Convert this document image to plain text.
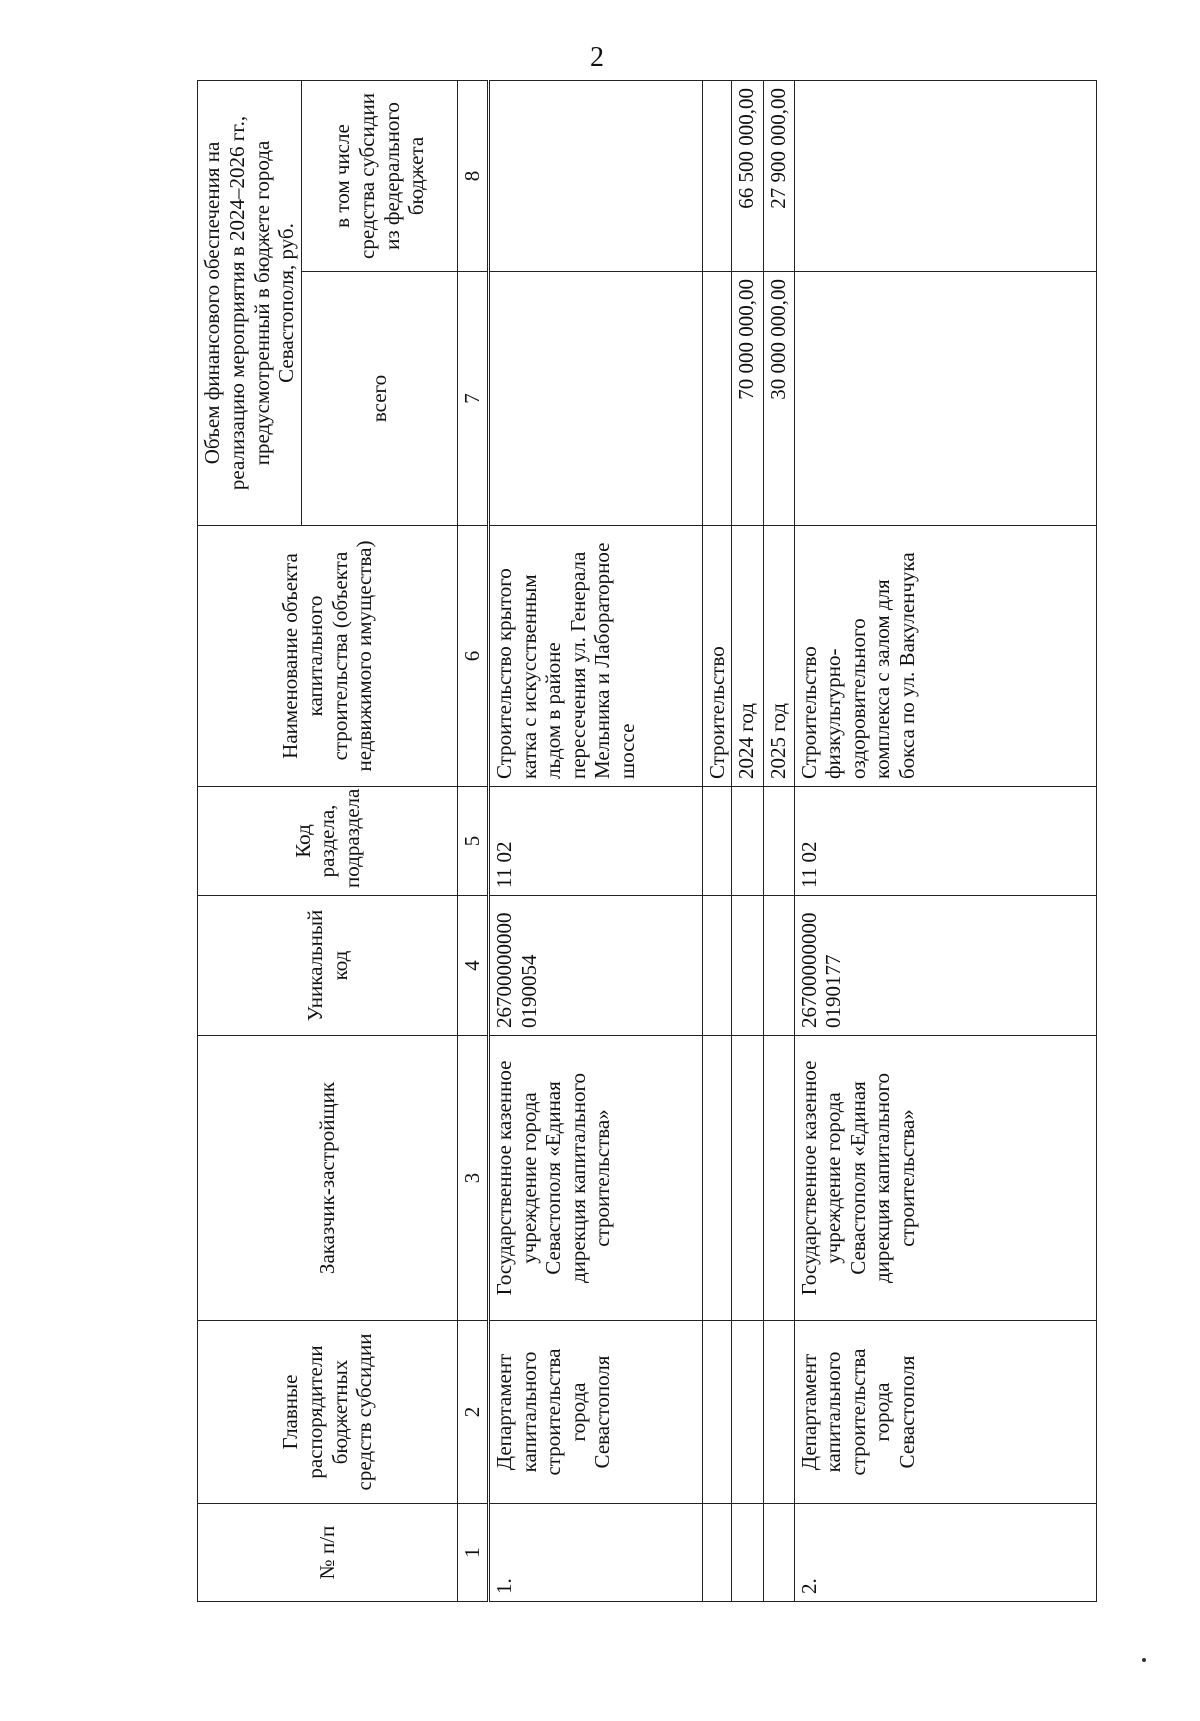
2
№ п/п	Главные распорядители бюджетных средств субсидии	Заказчик-застройщик	Уникальный код	Код раздела, подраздела	Наименование объекта капитального строительства (объекта недвижимого имущества)	Объем финансового обеспечения на реализацию мероприятия в 2024–2026 гг., предусмотренный в бюджете города Севастополя, руб.	
						всего	в том числе средства субсидии из федерального бюджета
1	2	3	4	5	6	7	8
1.	Департамент капитального строительства города Севастополя	Государственное казенное учреждение города Севастополя «Единая дирекция капитального строительства»	267000000000190054	11 02	Строительство крытого катка с искусственным льдом в районе пересечения ул. Генерала Мельника и Лабораторное шоссе		
					Строительство		
					2024 год	70 000 000,00	66 500 000,00
					2025 год	30 000 000,00	27 900 000,00
2.	Департамент капитального строительства города Севастополя	Государственное казенное учреждение города Севастополя «Единая дирекция капитального строительства»	267000000000190177	11 02	Строительство физкультурно-оздоровительного комплекса с залом для бокса по ул. Вакуленчука		
